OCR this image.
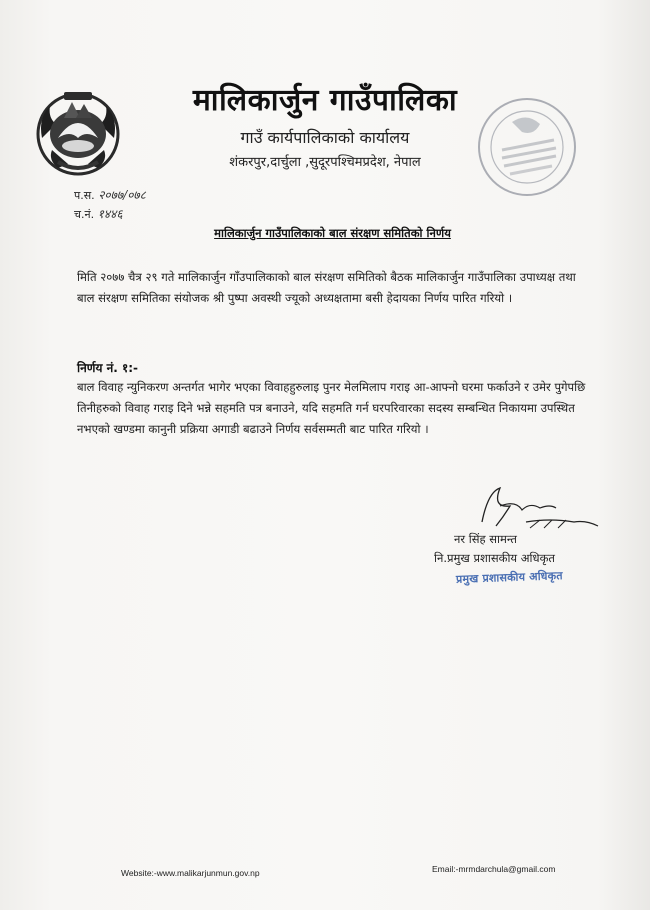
मालिकार्जुन गाउँपालिका
गाउँ कार्यपालिकाको कार्यालय
शंकरपुर,दार्चुला ,सुदूरपश्चिमप्रदेश, नेपाल
प.स. २०७७/०७८
च.नं. १४४६
मालिकार्जुन गाउँपालिकाको बाल संरक्षण समितिको निर्णय
मिति २०७७ चैत्र २९ गते मालिकार्जुन गाँउपालिकाको बाल संरक्षण समितिको बैठक मालिकार्जुन गाउँपालिका उपाध्यक्ष तथा बाल संरक्षण समितिका संयोजक श्री पुष्पा अवस्थी ज्यूको अध्यक्षतामा बसी हेदायका निर्णय पारित गरियो ।
निर्णय नं. १:-
बाल विवाह न्युनिकरण अन्तर्गत भागेर भएका विवाहहुरुलाइ पुनर मेलमिलाप गराइ आ-आफ्नो घरमा फर्काउने र उमेर पुगेपछि तिनीहरुको विवाह गराइ दिने भन्ने सहमति पत्र बनाउने, यदि सहमति गर्न घरपरिवारका सदस्य सम्बन्धित निकायमा उपस्थित नभएको खण्डमा कानुनी प्रक्रिया अगाडी बढाउने निर्णय सर्वसम्मती बाट पारित गरियो ।
नर सिंह सामन्त
नि.प्रमुख प्रशासकीय अधिकृत
प्रमुख प्रशासकीय अधिकृत
Website:-www.malikarjunmun.gov.np	Email:-mrmdarchula@gmail.com
